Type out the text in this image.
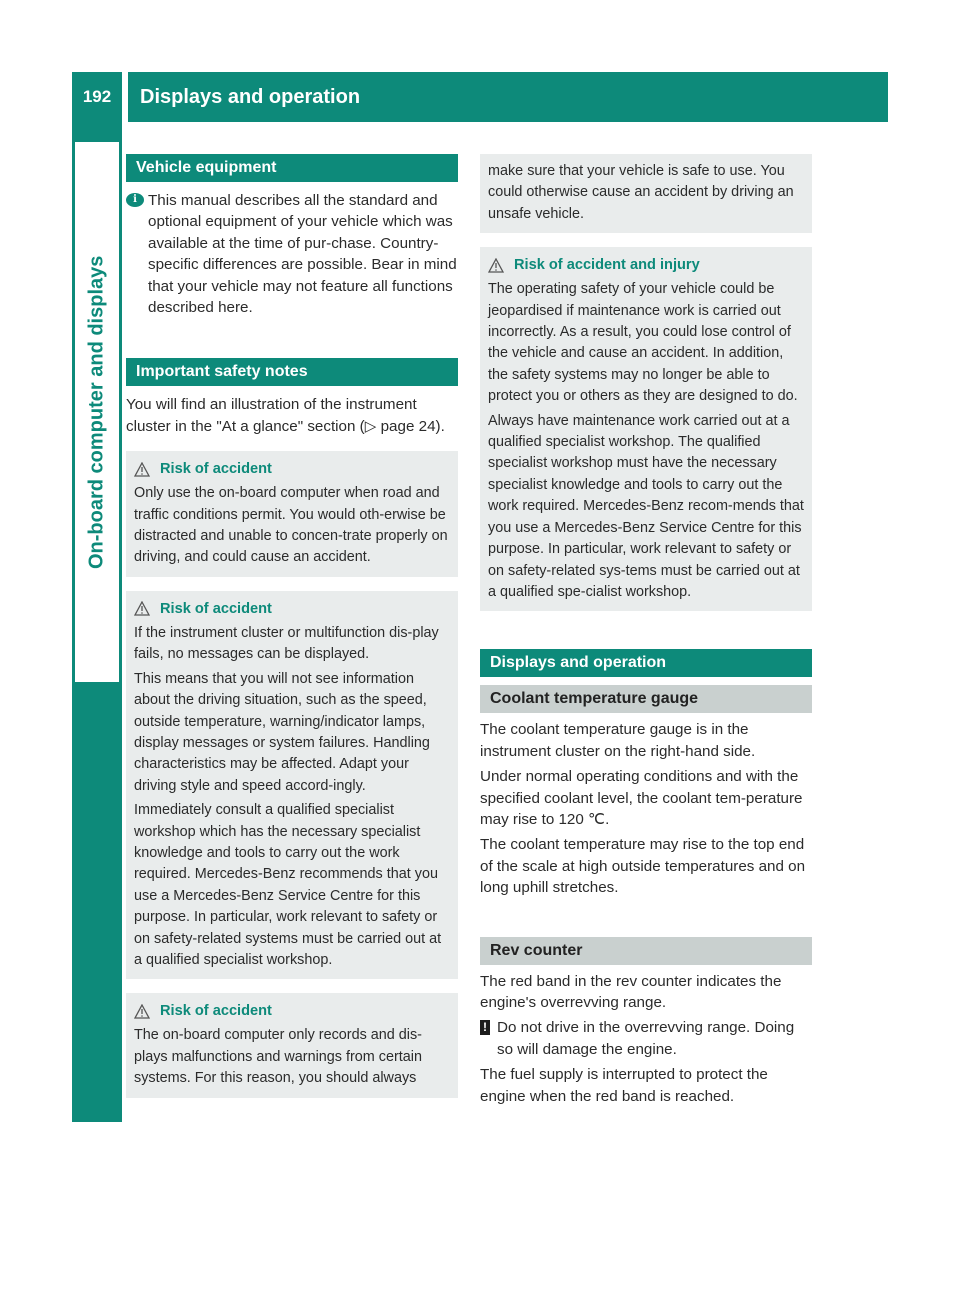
192	Displays and operation
On-board computer and displays
Vehicle equipment
i This manual describes all the standard and optional equipment of your vehicle which was available at the time of pur-chase. Country-specific differences are possible. Bear in mind that your vehicle may not feature all functions described here.

Important safety notes

You will find an illustration of the instrument cluster in the "At a glance" section (▷ page 24).

Risk of accident

Only use the on-board computer when road and traffic conditions permit. You would oth-erwise be distracted and unable to concen-trate properly on driving, and could cause an accident.

Risk of accident

If the instrument cluster or multifunction dis-play fails, no messages can be displayed.

This means that you will not see information about the driving situation, such as the speed, outside temperature, warning/indicator lamps, display messages or system failures. Handling characteristics may be affected. Adapt your driving style and speed accord-ingly.

Immediately consult a qualified specialist workshop which has the necessary specialist knowledge and tools to carry out the work required. Mercedes-Benz recommends that you use a Mercedes-Benz Service Centre for this purpose. In particular, work relevant to safety or on safety-related systems must be carried out at a qualified specialist workshop.

Risk of accident

The on-board computer only records and dis-plays malfunctions and warnings from certain systems. For this reason, you should always

make sure that your vehicle is safe to use. You could otherwise cause an accident by driving an unsafe vehicle.

Risk of accident and injury

The operating safety of your vehicle could be jeopardised if maintenance work is carried out incorrectly. As a result, you could lose control of the vehicle and cause an accident. In addition, the safety systems may no longer be able to protect you or others as they are designed to do.

Always have maintenance work carried out at a qualified specialist workshop. The qualified specialist workshop must have the necessary specialist knowledge and tools to carry out the work required. Mercedes-Benz recom-mends that you use a Mercedes-Benz Service Centre for this purpose. In particular, work relevant to safety or on safety-related sys-tems must be carried out at a qualified spe-cialist workshop.

Displays and operation
Coolant temperature gauge

The coolant temperature gauge is in the instrument cluster on the right-hand side.

Under normal operating conditions and with the specified coolant level, the coolant tem-perature may rise to 120 ℃.

The coolant temperature may rise to the top end of the scale at high outside temperatures and on long uphill stretches.

Rev counter

The red band in the rev counter indicates the engine's overrevving range.

! Do not drive in the overrevving range. Doing so will damage the engine.

The fuel supply is interrupted to protect the engine when the red band is reached.
